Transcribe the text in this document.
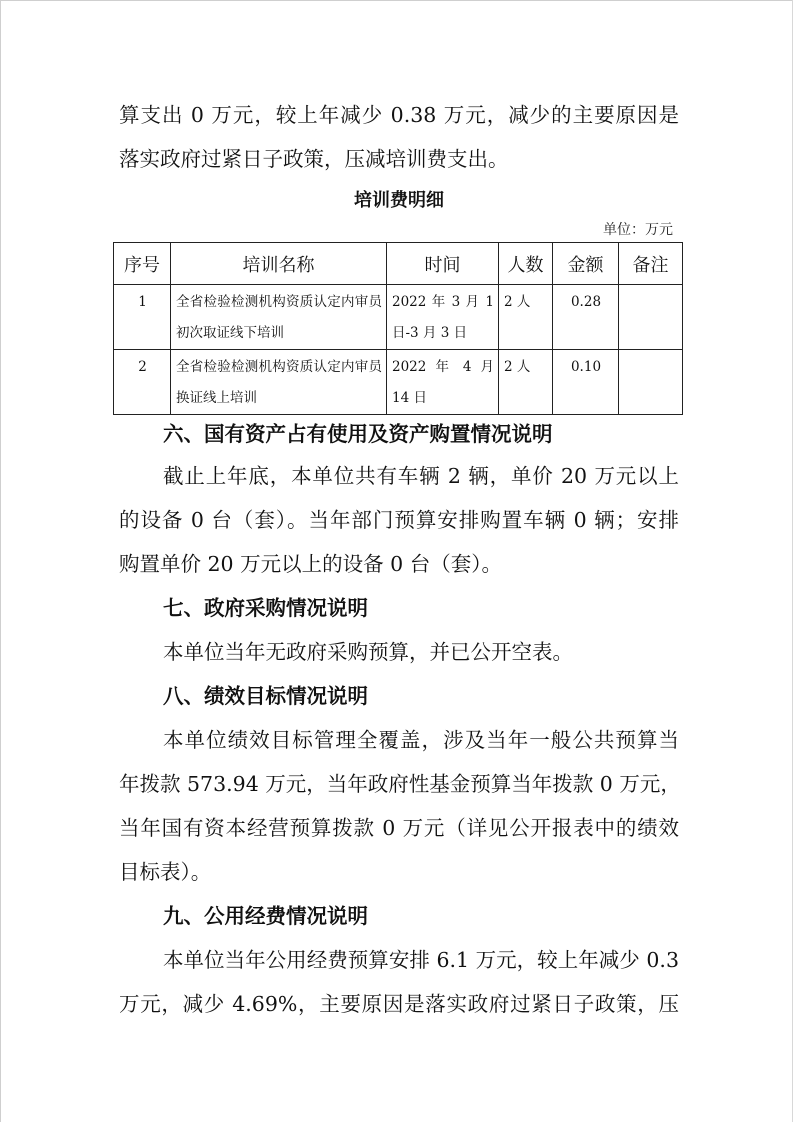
算支出 0 万元，较上年减少 0.38 万元，减少的主要原因是
落实政府过紧日子政策，压减培训费支出。
培训费明细
单位：万元
序号	培训名称	时间	人数	金额	备注

1	全省检验检测机构资质认定内审员初次取证线下培训	2022 年 3 月 1 日-3 月 3 日	2 人	0.28	

2	全省检验检测机构资质认定内审员换证线上培训	2022 年 4 月 14 日	2 人	0.10	

六、国有资产占有使用及资产购置情况说明
截止上年底，本单位共有车辆 2 辆，单价 20 万元以上
的设备 0 台（套）。当年部门预算安排购置车辆 0 辆；安排
购置单价 20 万元以上的设备 0 台（套）。
七、政府采购情况说明
本单位当年无政府采购预算，并已公开空表。
八、绩效目标情况说明
本单位绩效目标管理全覆盖，涉及当年一般公共预算当
年拨款 573.94 万元，当年政府性基金预算当年拨款 0 万元，
当年国有资本经营预算拨款 0 万元（详见公开报表中的绩效
目标表）。
九、公用经费情况说明
本单位当年公用经费预算安排 6.1 万元，较上年减少 0.3
万元，减少 4.69%，主要原因是落实政府过紧日子政策，压
